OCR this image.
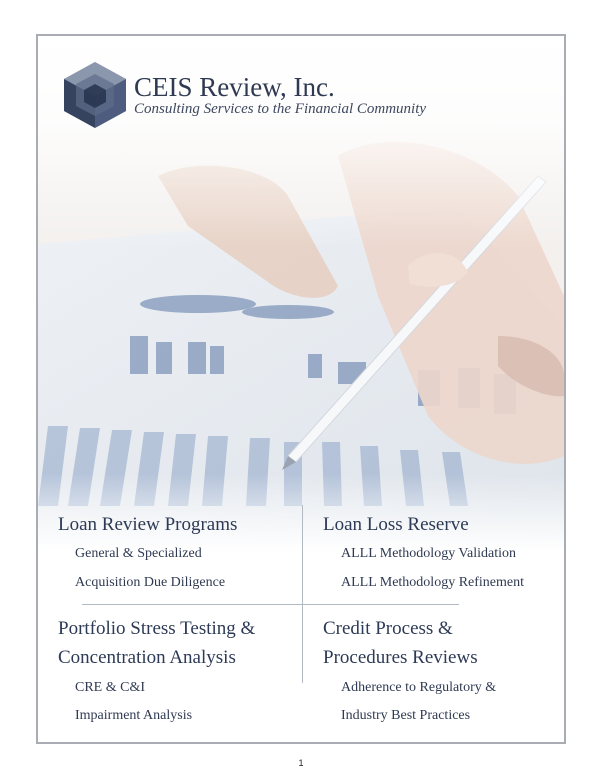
CEIS Review, Inc.
Consulting Services to the Financial Community
Loan Review Programs
General & Specialized
Acquisition Due Diligence
Loan Loss Reserve
ALLL Methodology Validation
ALLL Methodology Refinement
Portfolio Stress Testing &
Concentration Analysis
CRE & C&I
Impairment Analysis
Credit Process &
Procedures Reviews
Adherence to Regulatory &
Industry Best Practices
1
